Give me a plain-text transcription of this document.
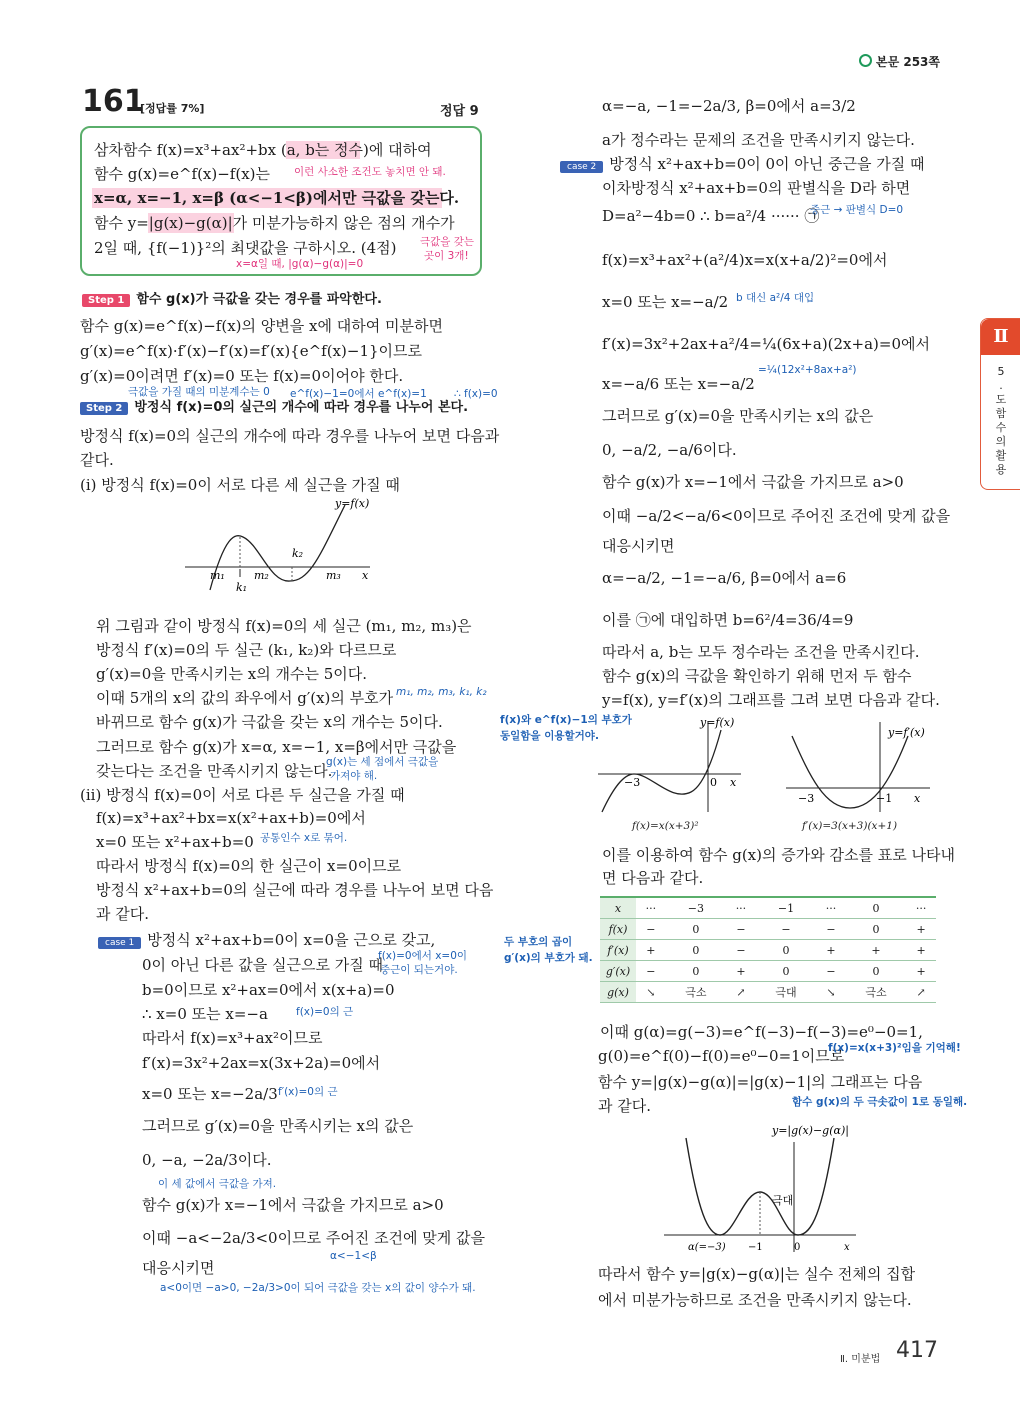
본문 253쪽
161
[정답률 7%]	정답 9
삼차함수 f(x)=x³+ax²+bx (a, b는 정수)에 대하여
함수 g(x)=e^f(x)−f(x)는
x=α, x=−1, x=β (α<−1<β)에서만 극값을 갖는다.
함수 y=|g(x)−g(α)|가 미분가능하지 않은 점의 개수가
2일 때, {f(−1)}²의 최댓값을 구하시오. (4점)
이런 사소한 조건도 놓치면 안 돼.
극값을 갖는
곳이 3개!
x=α일 때, |g(α)−g(α)|=0
Step 1 함수 g(x)가 극값을 갖는 경우를 파악한다.
함수 g(x)=e^f(x)−f(x)의 양변을 x에 대하여 미분하면
g′(x)=e^f(x)·f′(x)−f′(x)=f′(x){e^f(x)−1}이므로
g′(x)=0이려면 f′(x)=0 또는 f(x)=0이어야 한다.
극값을 가질 때의 미분계수는 0 e^f(x)−1=0에서 e^f(x)=1	∴ f(x)=0
Step 2 방정식 f(x)=0의 실근의 개수에 따라 경우를 나누어 본다.
방정식 f(x)=0의 실근의 개수에 따라 경우를 나누어 보면 다음과
같다.
(i) 방정식 f(x)=0이 서로 다른 세 실근을 가질 때
y=f(x)
m₁	m₂	m₃
k₂
k₁
x
위 그림과 같이 방정식 f(x)=0의 세 실근 (m₁, m₂, m₃)은
방정식 f′(x)=0의 두 실근 (k₁, k₂)와 다르므로
g′(x)=0을 만족시키는 x의 개수는 5이다.
이때 5개의 x의 값의 좌우에서 g′(x)의 부호가 m₁, m₂, m₃, k₁, k₂
바뀌므로 함수 g(x)가 극값을 갖는 x의 개수는 5이다.
그러므로 함수 g(x)가 x=α, x=−1, x=β에서만 극값을
갖는다는 조건을 만족시키지 않는다.
g(x)는 세 점에서 극값을
가져야 해.
(ii) 방정식 f(x)=0이 서로 다른 두 실근을 가질 때
f(x)=x³+ax²+bx=x(x²+ax+b)=0에서
x=0 또는 x²+ax+b=0 공통인수 x로 묶어.
따라서 방정식 f(x)=0의 한 실근이 x=0이므로
방정식 x²+ax+b=0의 실근에 따라 경우를 나누어 보면 다음
과 같다.
case 1 방정식 x²+ax+b=0이 x=0을 근으로 갖고,
0이 아닌 다른 값을 실근으로 가질 때
f(x)=0에서 x=0이
중근이 되는거야.
b=0이므로 x²+ax=0에서 x(x+a)=0
∴ x=0 또는 x=−a	f(x)=0의 근
따라서 f(x)=x³+ax²이므로
f′(x)=3x²+2ax=x(3x+2a)=0에서
x=0 또는 x=−2a/3 f′(x)=0의 근
그러므로 g′(x)=0을 만족시키는 x의 값은
0, −a, −2a/3이다.
이 세 값에서 극값을 가져.
함수 g(x)가 x=−1에서 극값을 가지므로 a>0
이때 −a<−2a/3<0이므로 주어진 조건에 맞게 값을
α<−1<β
대응시키면
a<0이면 −a>0, −2a/3>0이 되어 극값을 갖는 x의 값이 양수가 돼.
α=−a, −1=−2a/3, β=0에서 a=3/2
a가 정수라는 문제의 조건을 만족시키지 않는다.
case 2 방정식 x²+ax+b=0이 0이 아닌 중근을 가질 때
이차방정식 x²+ax+b=0의 판별식을 D라 하면
D=a²−4b=0 ∴ b=a²/4 ······ ㉠
중근 → 판별식 D=0
f(x)=x³+ax²+(a²/4)x=x(x+a/2)²=0에서
b 대신 a²/4 대입
x=0 또는 x=−a/2
f′(x)=3x²+2ax+a²/4=¼(6x+a)(2x+a)=0에서
=¼(12x²+8ax+a²)
x=−a/6 또는 x=−a/2
그러므로 g′(x)=0을 만족시키는 x의 값은
0, −a/2, −a/6이다.
함수 g(x)가 x=−1에서 극값을 가지므로 a>0
이때 −a/2<−a/6<0이므로 주어진 조건에 맞게 값을
대응시키면
α=−a/2, −1=−a/6, β=0에서 a=6
이를 ㉠에 대입하면 b=6²/4=36/4=9
따라서 a, b는 모두 정수라는 조건을 만족시킨다.
함수 g(x)의 극값을 확인하기 위해 먼저 두 함수
y=f(x), y=f′(x)의 그래프를 그려 보면 다음과 같다.
f(x)와 e^f(x)−1의 부호가
동일함을 이용할거야.
y=f(x)
−3	0 x
f(x)=x(x+3)²
y=f′(x)
−3	−1 x
f′(x)=3(x+3)(x+1)
이를 이용하여 함수 g(x)의 증가와 감소를 표로 나타내
면 다음과 같다.
x	···	−3	···	−1	···	0	···
f(x)	−	0	−	−	−	0	+
f′(x)	+	0	−	0	+	+	+
g′(x)	−	0	+	0	−	0	+
g(x)	↘	극소	↗	극대	↘	극소	↗
두 부호의 곱이
g′(x)의 부호가 돼.
이때 g(α)=g(−3)=e^f(−3)−f(−3)=e⁰−0=1,
g(0)=e^f(0)−f(0)=e⁰−0=1이므로
f(x)=x(x+3)²임을 기억해!
함수 y=|g(x)−g(α)|=|g(x)−1|의 그래프는 다음
과 같다.	함수 g(x)의 두 극솟값이 1로 동일해.
y=|g(x)−g(α)|
극대
α(=−3) −1	0	x
따라서 함수 y=|g(x)−g(α)|는 실수 전체의 집합
에서 미분가능하므로 조건을 만족시키지 않는다.
Ⅱ
5
.
도
함
수
의
활
용
Ⅱ. 미분법 417
